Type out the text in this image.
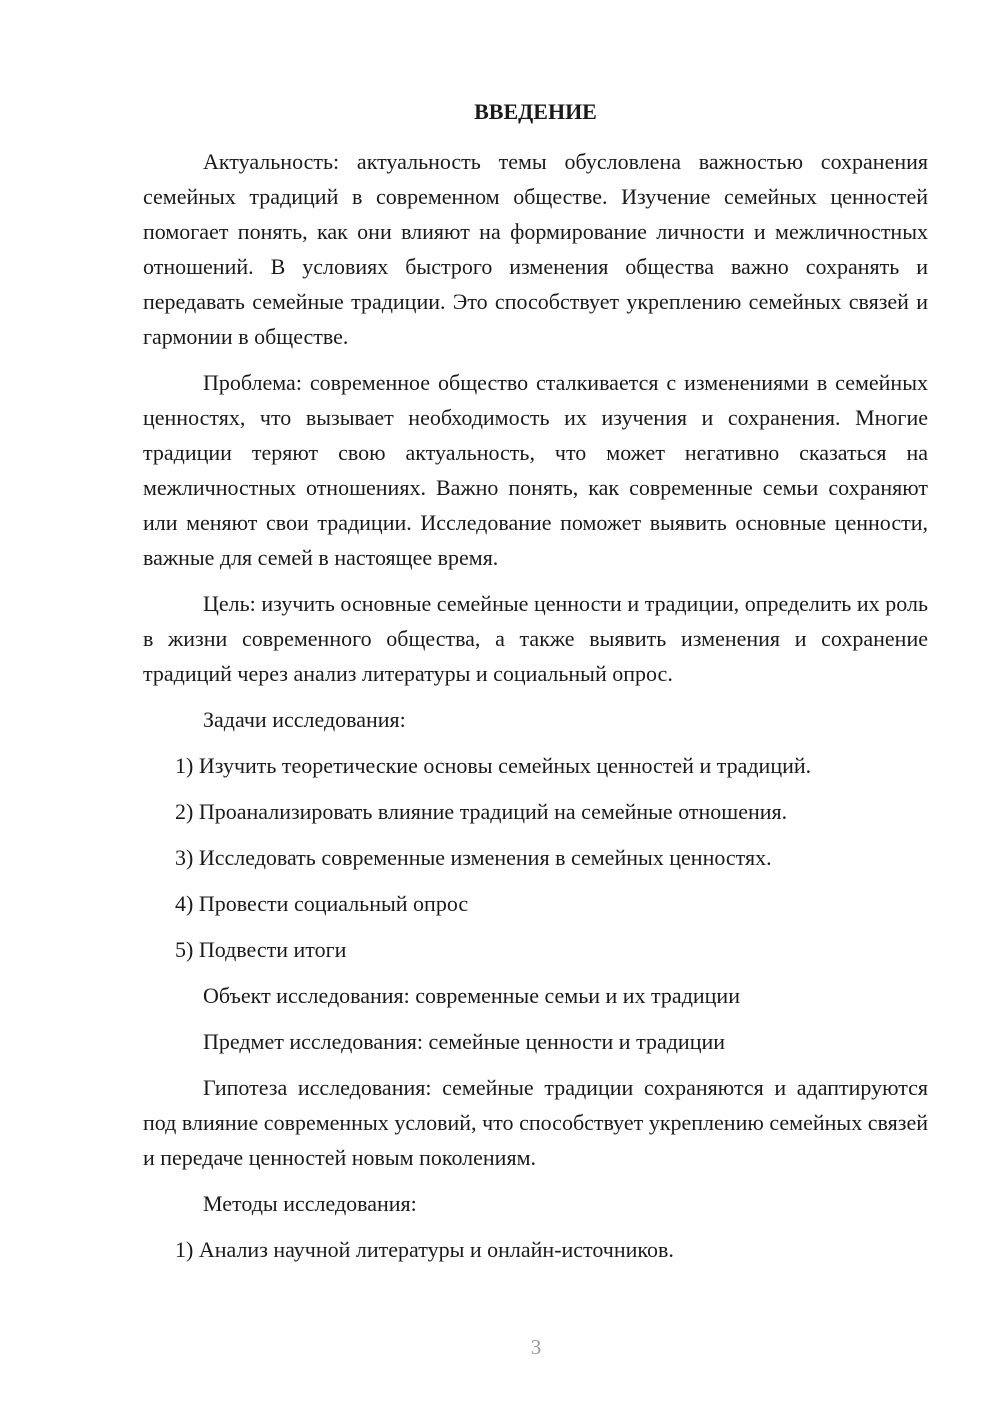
ВВЕДЕНИЕ

Актуальность: актуальность темы обусловлена важностью сохранения семейных традиций в современном обществе. Изучение семейных ценностей помогает понять, как они влияют на формирование личности и межличностных отношений. В условиях быстрого изменения общества важно сохранять и передавать семейные традиции. Это способствует укреплению семейных связей и гармонии в обществе.

Проблема: современное общество сталкивается с изменениями в семейных ценностях, что вызывает необходимость их изучения и сохранения. Многие традиции теряют свою актуальность, что может негативно сказаться на межличностных отношениях. Важно понять, как современные семьи сохраняют или меняют свои традиции. Исследование поможет выявить основные ценности, важные для семей в настоящее время.

Цель: изучить основные семейные ценности и традиции, определить их роль в жизни современного общества, а также выявить изменения и сохранение традиций через анализ литературы и социальный опрос.

Задачи исследования:

1) Изучить теоретические основы семейных ценностей и традиций.

2) Проанализировать влияние традиций на семейные отношения.

3) Исследовать современные изменения в семейных ценностях.

4) Провести социальный опрос

5) Подвести итоги

Объект исследования: современные семьи и их традиции

Предмет исследования: семейные ценности и традиции

Гипотеза исследования: семейные традиции сохраняются и адаптируются под влияние современных условий, что способствует укреплению семейных связей и передаче ценностей новым поколениям.

Методы исследования:

1) Анализ научной литературы и онлайн-источников.

3
